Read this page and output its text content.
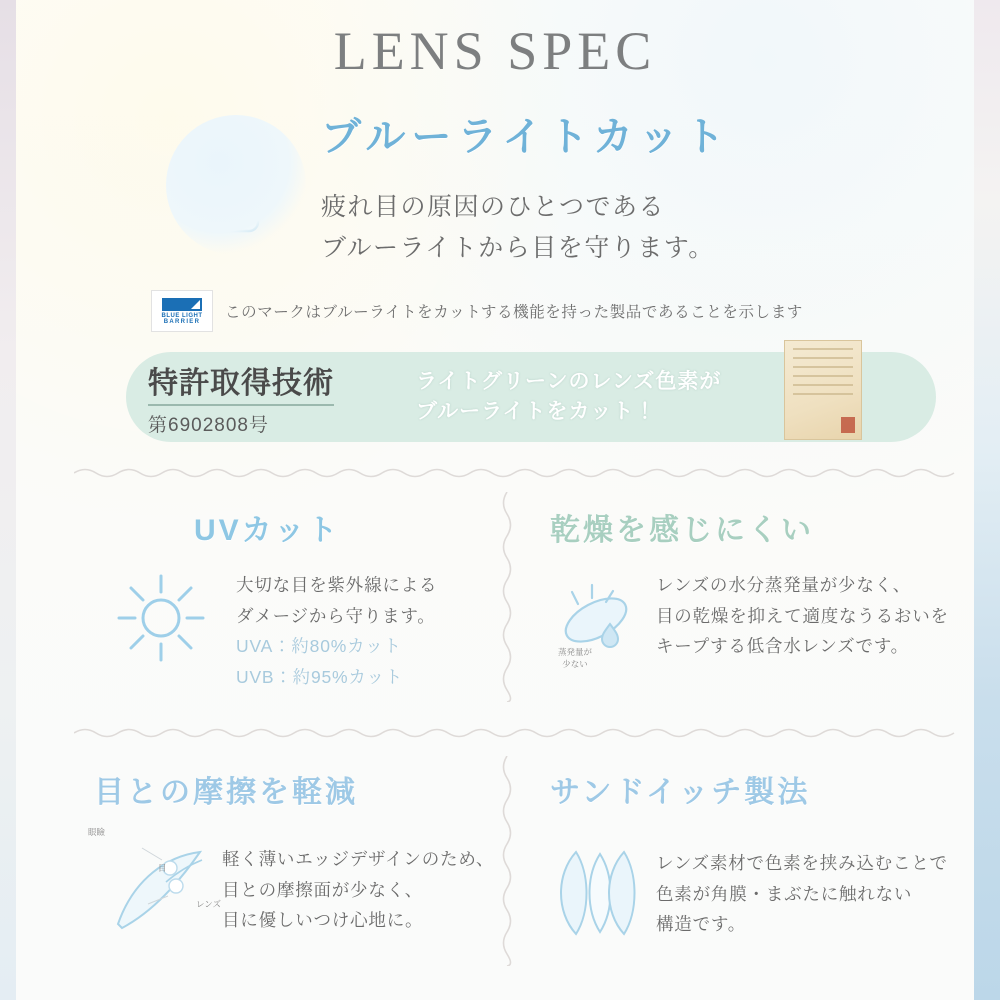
LENS SPEC
ブルーライトカット
疲れ目の原因のひとつである
ブルーライトから目を守ります。
BLUE LIGHT
BARRIER
このマークはブルーライトをカットする機能を持った製品であることを示します
特許取得技術
第6902808号
ライトグリーンのレンズ色素が
ブルーライトをカット！
UVカット
大切な目を紫外線による
ダメージから守ります。
UVA：約80%カット
UVB：約95%カット
乾燥を感じにくい
蒸発量が
少ない
レンズの水分蒸発量が少なく、
目の乾燥を抑えて適度なうるおいを
キープする低含水レンズです。
目との摩擦を軽減
眼瞼
目
レンズ
軽く薄いエッジデザインのため、
目との摩擦面が少なく、
目に優しいつけ心地に。
サンドイッチ製法
レンズ素材で色素を挟み込むことで
色素が角膜・まぶたに触れない
構造です。
